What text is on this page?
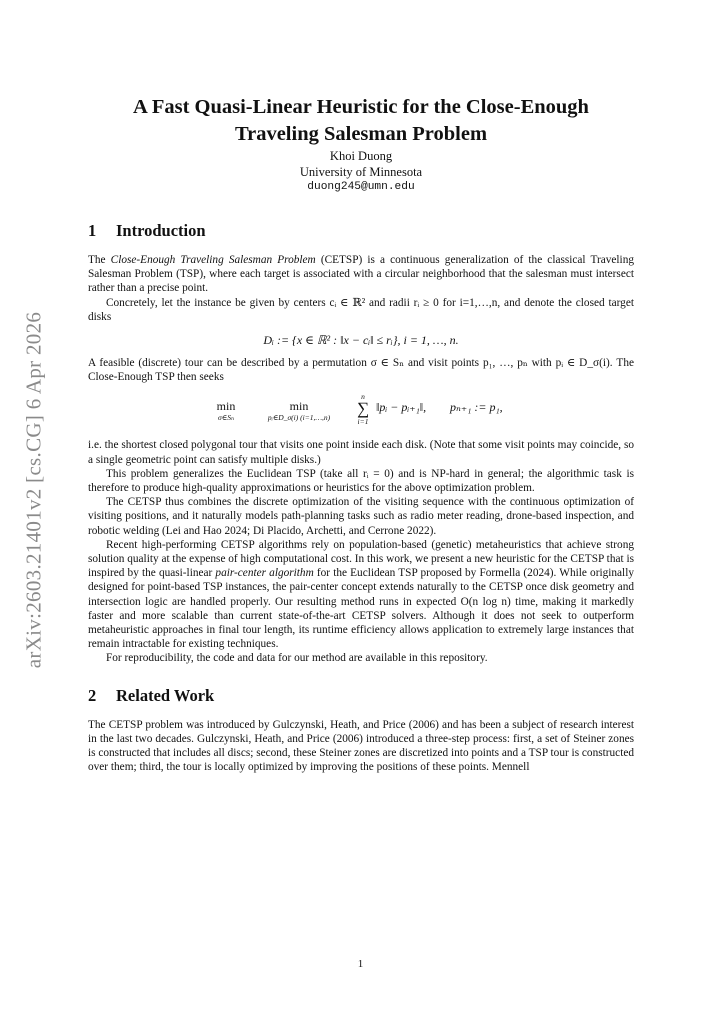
arXiv:2603.21401v2 [cs.CG] 6 Apr 2026

A Fast Quasi-Linear Heuristic for the Close-Enough
Traveling Salesman Problem

Khoi Duong
University of Minnesota
duong245@umn.edu
1 Introduction

The Close-Enough Traveling Salesman Problem (CETSP) is a continuous generalization of the classical Traveling Salesman Problem (TSP), where each target is associated with a circular neighborhood that the salesman must intersect rather than a precise point.

Concretely, let the instance be given by centers cᵢ ∈ ℝ² and radii rᵢ ≥ 0 for i=1,…,n, and denote the closed target disks

Dᵢ := {x ∈ ℝ² : ‖x − cᵢ‖ ≤ rᵢ}, i = 1, …, n.

A feasible (discrete) tour can be described by a permutation σ ∈ Sₙ and visit points p₁, …, pₙ with pᵢ ∈ D_σ(i). The Close-Enough TSP then seeks

min
σ∈Sₙ
min
pᵢ∈D_σ(i) (i=1,…,n)
n
∑
i=1
‖pᵢ − pᵢ₊₁‖,	pₙ₊₁ := p₁,

i.e. the shortest closed polygonal tour that visits one point inside each disk. (Note that some visit points may coincide, so a single geometric point can satisfy multiple disks.)

This problem generalizes the Euclidean TSP (take all rᵢ = 0) and is NP-hard in general; the algorithmic task is therefore to produce high-quality approximations or heuristics for the above optimization problem.

The CETSP thus combines the discrete optimization of the visiting sequence with the continuous optimization of visiting positions, and it naturally models path-planning tasks such as radio meter reading, drone-based inspection, and robotic welding (Lei and Hao 2024; Di Placido, Archetti, and Cerrone 2022).

Recent high-performing CETSP algorithms rely on population-based (genetic) metaheuristics that achieve strong solution quality at the expense of high computational cost. In this work, we present a new heuristic for the CETSP that is inspired by the quasi-linear pair-center algorithm for the Euclidean TSP proposed by Formella (2024). While originally designed for point-based TSP instances, the pair-center concept extends naturally to the CETSP once disk geometry and intersection logic are handled properly. Our resulting method runs in expected O(n log n) time, making it markedly faster and more scalable than current state-of-the-art CETSP solvers. Although it does not seek to outperform metaheuristic approaches in final tour length, its runtime efficiency allows application to extremely large instances that remain intractable for existing techniques.

For reproducibility, the code and data for our method are available in this repository.

2 Related Work

The CETSP problem was introduced by Gulczynski, Heath, and Price (2006) and has been a subject of research interest in the last two decades. Gulczynski, Heath, and Price (2006) introduced a three-step process: first, a set of Steiner zones is constructed that includes all discs; second, these Steiner zones are discretized into points and a TSP tour is constructed over them; third, the tour is locally optimized by improving the positions of these points. Mennell

1
